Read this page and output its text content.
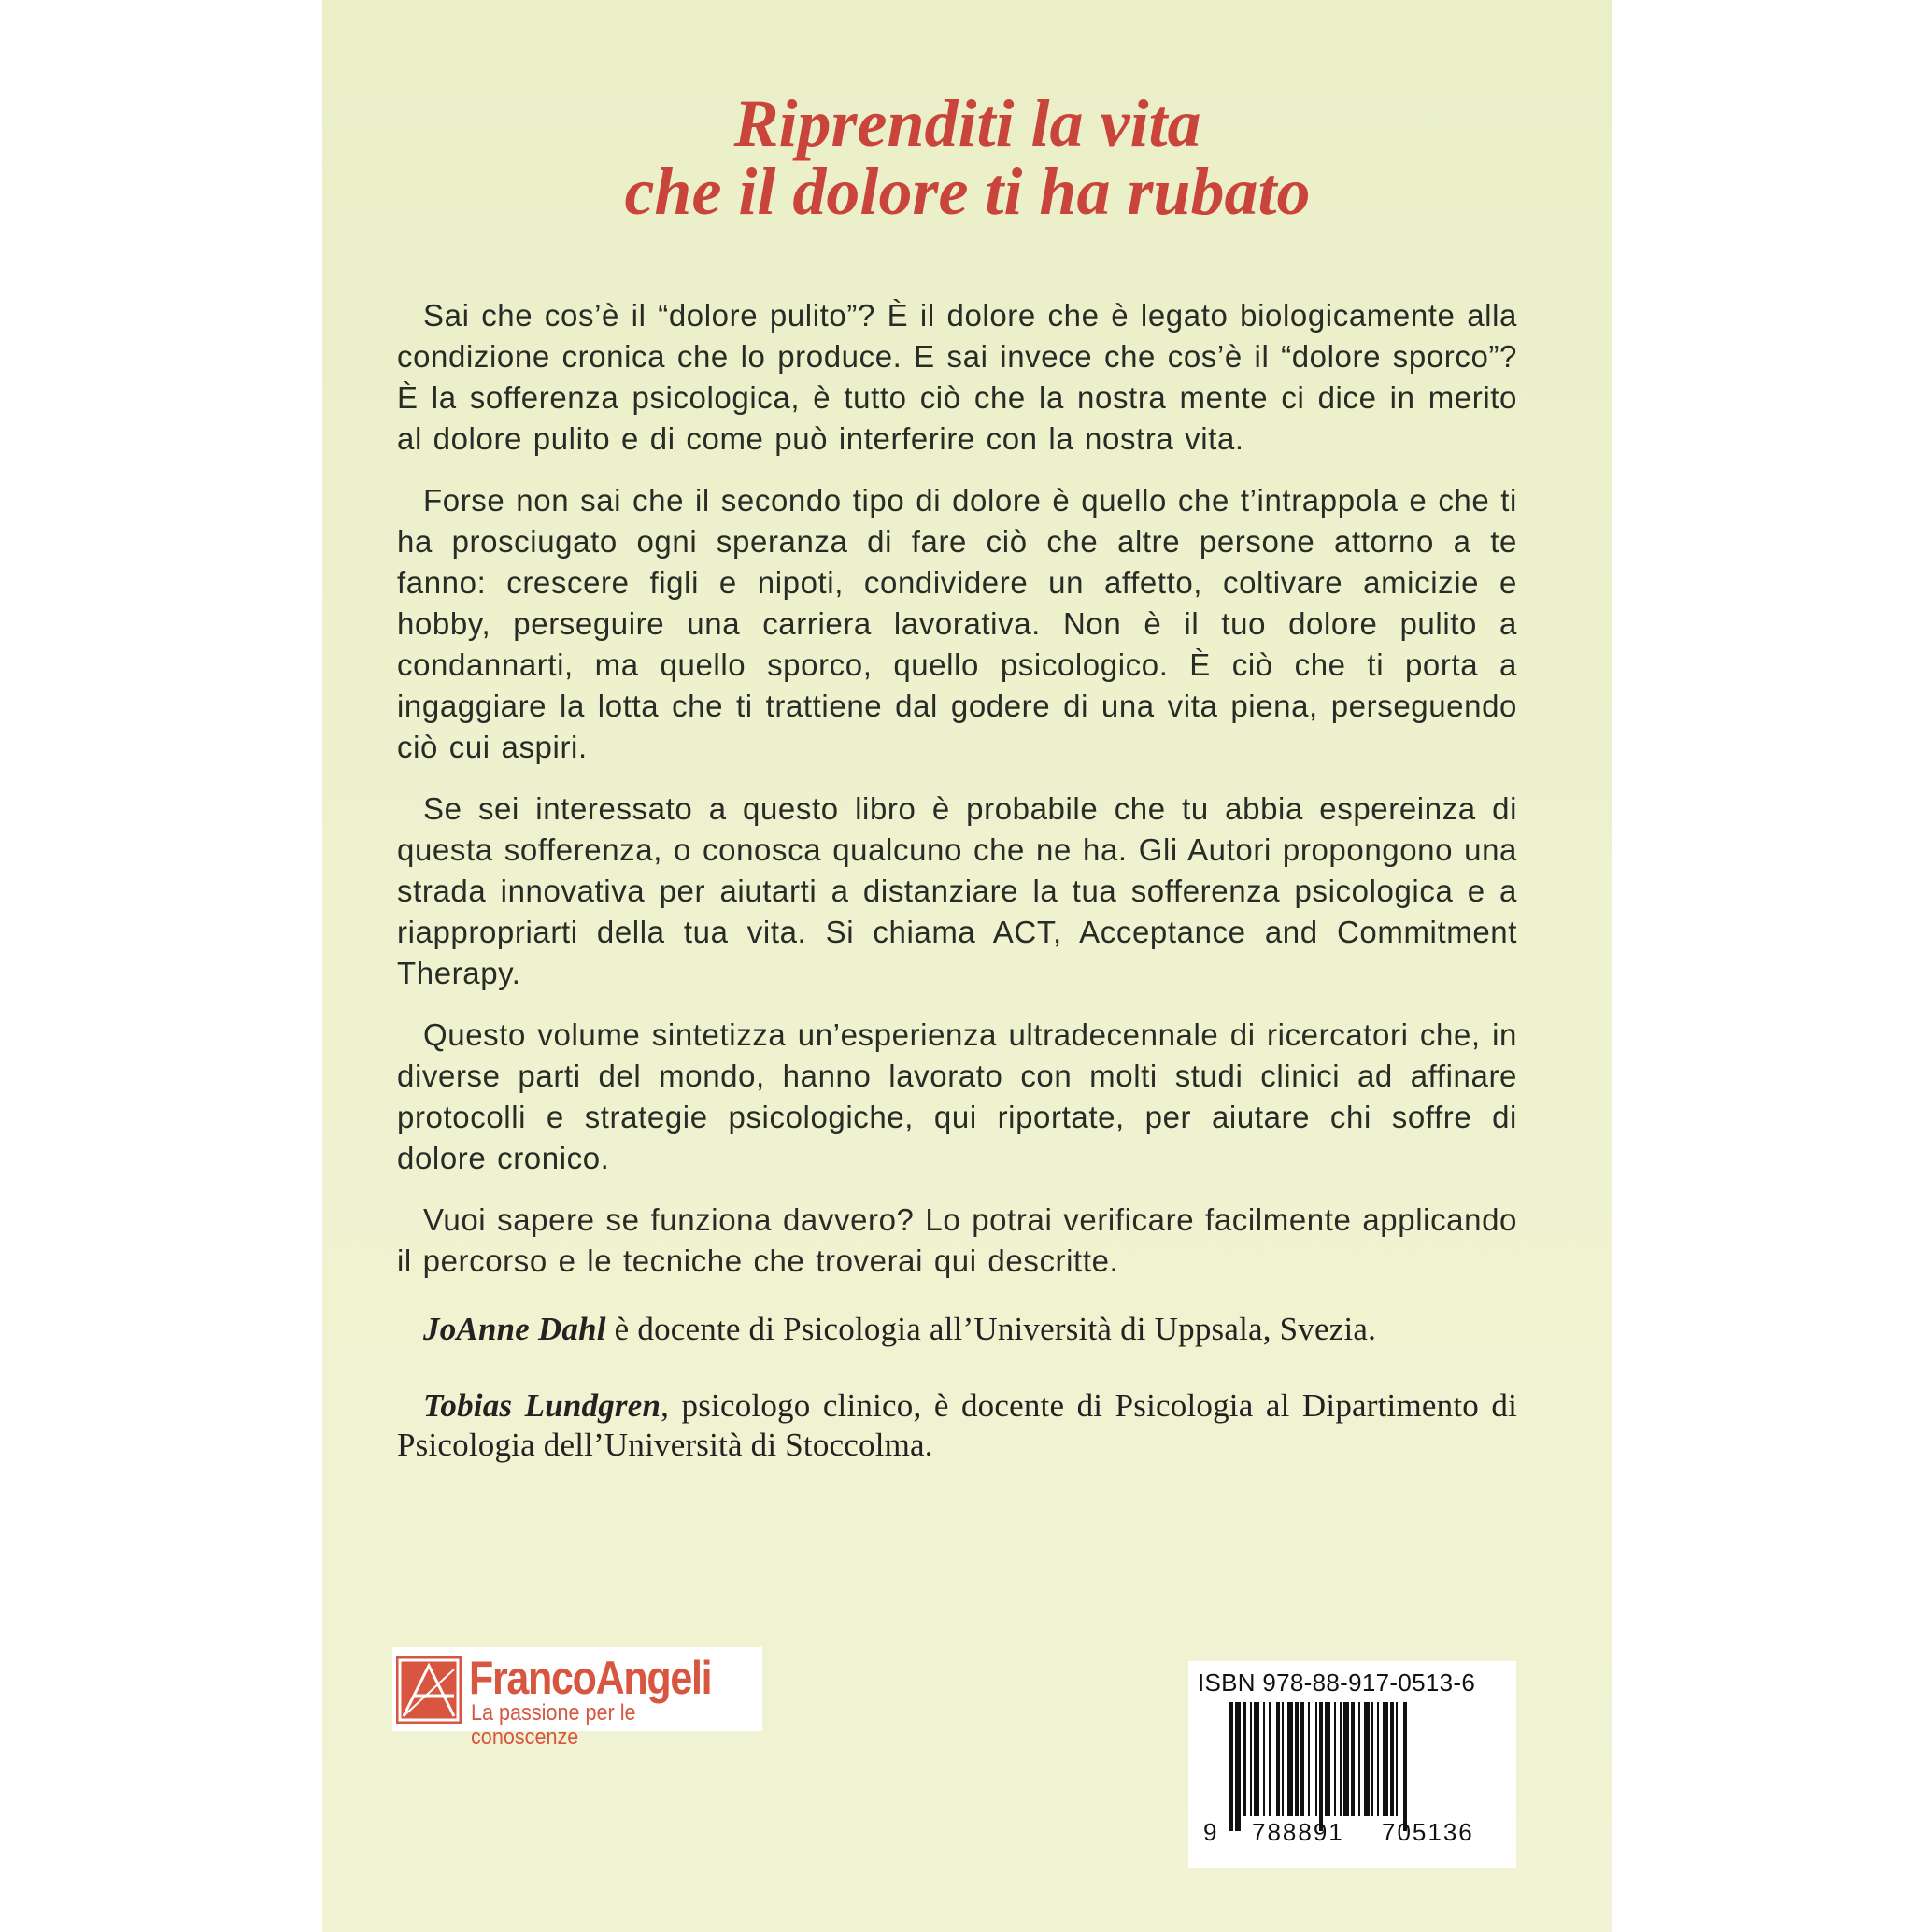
Riprenditi la vita
che il dolore ti ha rubato

Sai che cos’è il “dolore pulito”? È il dolore che è legato biologicamente alla condizione cronica che lo produce. E sai invece che cos’è il “dolore sporco”? È la sofferenza psicologica, è tutto ciò che la nostra mente ci dice in merito al dolore pulito e di come può interferire con la nostra vita.

Forse non sai che il secondo tipo di dolore è quello che t’intrappola e che ti ha prosciugato ogni speranza di fare ciò che altre persone attorno a te fanno: crescere figli e nipoti, condividere un affetto, coltivare amicizie e hobby, perseguire una carriera lavorativa. Non è il tuo dolore pulito a condannarti, ma quello sporco, quello psicologico. È ciò che ti porta a ingaggiare la lotta che ti trattiene dal godere di una vita piena, perseguendo ciò cui aspiri.

Se sei interessato a questo libro è probabile che tu abbia espereinza di questa sofferenza, o conosca qualcuno che ne ha. Gli Autori propongono una strada innovativa per aiutarti a distanziare la tua sofferenza psicologica e a riappropriarti della tua vita. Si chiama ACT, Acceptance and Commitment Therapy.

Questo volume sintetizza un’esperienza ultradecennale di ricercatori che, in diverse parti del mondo, hanno lavorato con molti studi clinici ad affinare protocolli e strategie psicologiche, qui riportate, per aiutare chi soffre di dolore cronico.

Vuoi sapere se funziona davvero? Lo potrai verificare facilmente applicando il percorso e le tecniche che troverai qui descritte.

JoAnne Dahl è docente di Psicologia all’Università di Uppsala, Svezia.

Tobias Lundgren, psicologo clinico, è docente di Psicologia al Dipartimento di Psicologia dell’Università di Stoccolma.

FrancoAngeli
La passione per le conoscenze
ISBN 978-88-917-0513-6
9 788891 705136
